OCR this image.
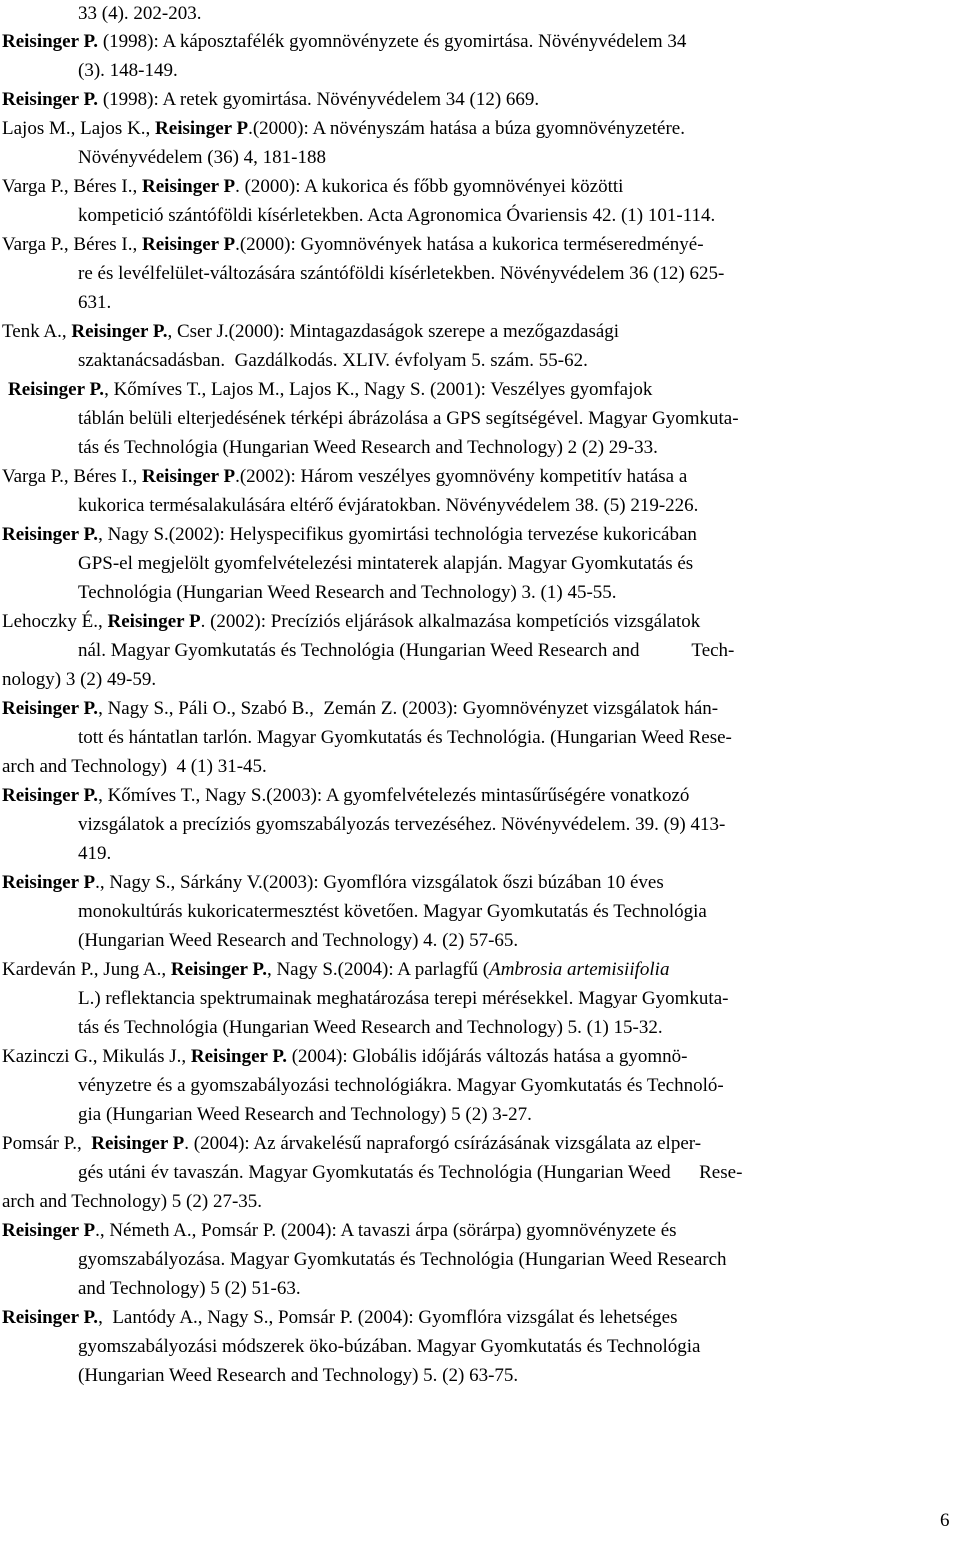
33 (4). 202-203.
Reisinger P. (1998): A káposztafélék gyomnövényzete és gyomirtása. Növényvédelem 34
(3). 148-149.
Reisinger P. (1998): A retek gyomirtása. Növényvédelem 34 (12) 669.
Lajos M., Lajos K., Reisinger P.(2000): A növényszám hatása a búza gyomnövényzetére.
Növényvédelem (36) 4, 181-188
Varga P., Béres I., Reisinger P. (2000): A kukorica és főbb gyomnövényei közötti
kompetició szántóföldi kísérletekben. Acta Agronomica Óvariensis 42. (1) 101-114.
Varga P., Béres I., Reisinger P.(2000): Gyomnövények hatása a kukorica terméseredményé-
re és levélfelület-változására szántóföldi kísérletekben. Növényvédelem 36 (12) 625-
631.
Tenk A., Reisinger P., Cser J.(2000): Mintagazdaságok szerepe a mezőgazdasági
szaktanácsadásban.  Gazdálkodás. XLIV. évfolyam 5. szám. 55-62.
Reisinger P., Kőmíves T., Lajos M., Lajos K., Nagy S. (2001): Veszélyes gyomfajok
táblán belüli elterjedésének térképi ábrázolása a GPS segítségével. Magyar Gyomkuta-
tás és Technológia (Hungarian Weed Research and Technology) 2 (2) 29-33.
Varga P., Béres I., Reisinger P.(2002): Három veszélyes gyomnövény kompetitív hatása a
kukorica termésalakulására eltérő évjáratokban. Növényvédelem 38. (5) 219-226.
Reisinger P., Nagy S.(2002): Helyspecifikus gyomirtási technológia tervezése kukoricában
GPS-el megjelölt gyomfelvételezési mintaterek alapján. Magyar Gyomkutatás és
Technológia (Hungarian Weed Research and Technology) 3. (1) 45-55.
Lehoczky É., Reisinger P. (2002): Precíziós eljárások alkalmazása kompetíciós vizsgálatok
nál. Magyar Gyomkutatás és Technológia (Hungarian Weed Research and           Tech-
nology) 3 (2) 49-59.
Reisinger P., Nagy S., Páli O., Szabó B.,  Zemán Z. (2003): Gyomnövényzet vizsgálatok hán-
tott és hántatlan tarlón. Magyar Gyomkutatás és Technológia. (Hungarian Weed Rese-
arch and Technology)  4 (1) 31-45.
Reisinger P., Kőmíves T., Nagy S.(2003): A gyomfelvételezés mintasűrűségére vonatkozó
vizsgálatok a precíziós gyomszabályozás tervezéséhez. Növényvédelem. 39. (9) 413-
419.
Reisinger P., Nagy S., Sárkány V.(2003): Gyomflóra vizsgálatok őszi búzában 10 éves
monokultúrás kukoricatermesztést követően. Magyar Gyomkutatás és Technológia
(Hungarian Weed Research and Technology) 4. (2) 57-65.
Kardeván P., Jung A., Reisinger P., Nagy S.(2004): A parlagfű (Ambrosia artemisiifolia
L.) reflektancia spektrumainak meghatározása terepi mérésekkel. Magyar Gyomkuta-
tás és Technológia (Hungarian Weed Research and Technology) 5. (1) 15-32.
Kazinczi G., Mikulás J., Reisinger P. (2004): Globális időjárás változás hatása a gyomnö-
vényzetre és a gyomszabályozási technológiákra. Magyar Gyomkutatás és Technoló-
gia (Hungarian Weed Research and Technology) 5 (2) 3-27.
Pomsár P.,  Reisinger P. (2004): Az árvakelésű napraforgó csírázásának vizsgálata az elper-
gés utáni év tavaszán. Magyar Gyomkutatás és Technológia (Hungarian Weed      Rese-
arch and Technology) 5 (2) 27-35.
Reisinger P., Németh A., Pomsár P. (2004): A tavaszi árpa (sörárpa) gyomnövényzete és
gyomszabályozása. Magyar Gyomkutatás és Technológia (Hungarian Weed Research
and Technology) 5 (2) 51-63.
Reisinger P.,  Lantódy A., Nagy S., Pomsár P. (2004): Gyomflóra vizsgálat és lehetséges
gyomszabályozási módszerek öko-búzában. Magyar Gyomkutatás és Technológia
(Hungarian Weed Research and Technology) 5. (2) 63-75.
6
